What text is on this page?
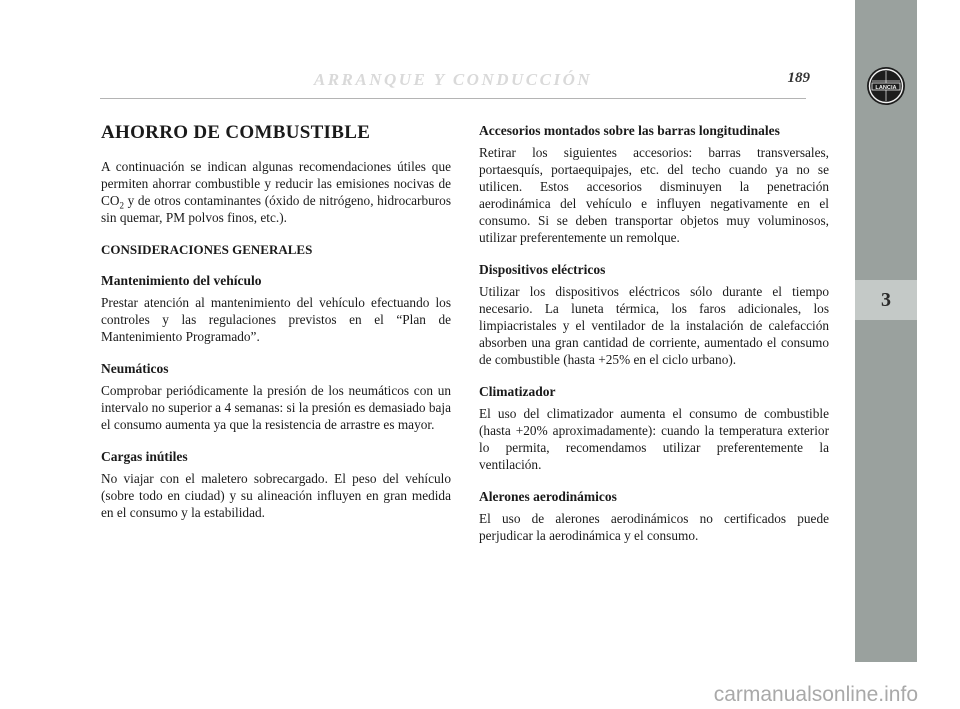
ARRANQUE Y CONDUCCIÓN	189
LANCIA
3
AHORRO DE COMBUSTIBLE

A continuación se indican algunas recomendaciones útiles que permiten ahorrar combustible y reducir las emisiones nocivas de $CO_2$ y de otros contaminantes (óxido de nitrógeno, hidrocarburos sin quemar, PM polvos finos, etc.).

CONSIDERACIONES GENERALES
Mantenimiento del vehículo

Prestar atención al mantenimiento del vehículo efectuando los controles y las regulaciones previstos en el “Plan de Mantenimiento Programado”.

Neumáticos

Comprobar periódicamente la presión de los neumáticos con un intervalo no superior a 4 semanas: si la presión es demasiado baja el consumo aumenta ya que la resistencia de arrastre es mayor.

Cargas inútiles

No viajar con el maletero sobrecargado. El peso del vehículo (sobre todo en ciudad) y su alineación influyen en gran medida en el consumo y la estabilidad.

Accesorios montados sobre las barras longitudinales

Retirar los siguientes accesorios: barras transversales, portaesquís, portaequipajes, etc. del techo cuando ya no se utilicen. Estos accesorios disminuyen la penetración aerodinámica del vehículo e influyen negativamente en el consumo. Si se deben transportar objetos muy voluminosos, utilizar preferentemente un remolque.

Dispositivos eléctricos

Utilizar los dispositivos eléctricos sólo durante el tiempo necesario. La luneta térmica, los faros adicionales, los limpiacristales y el ventilador de la instalación de calefacción absorben una gran cantidad de corriente, aumentado el consumo de combustible (hasta +25% en el ciclo urbano).

Climatizador

El uso del climatizador aumenta el consumo de combustible (hasta +20% aproximadamente): cuando la temperatura exterior lo permita, recomendamos utilizar preferentemente la ventilación.

Alerones aerodinámicos

El uso de alerones aerodinámicos no certificados puede perjudicar la aerodinámica y el consumo.

carmanualsonline.info
